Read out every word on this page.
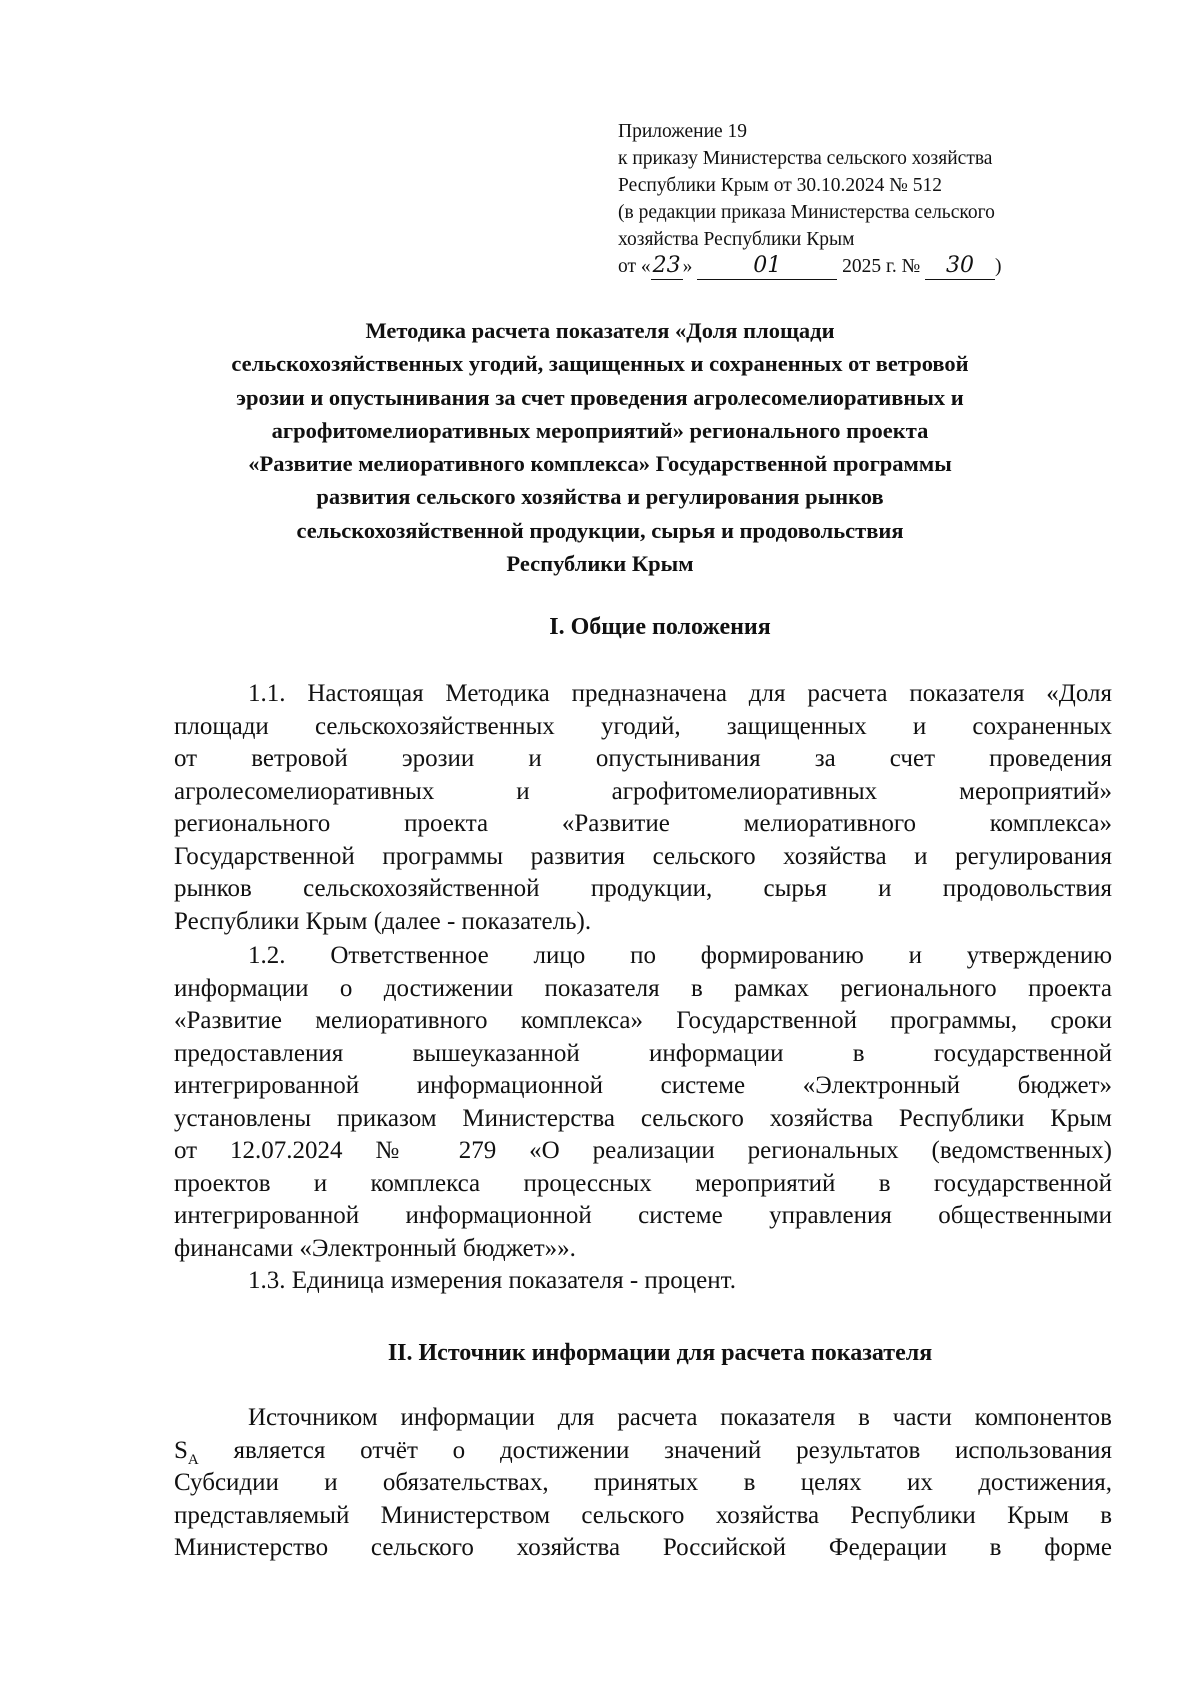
Приложение 19
к приказу Министерства сельского хозяйства
Республики Крым от 30.10.2024 № 512
(в редакции приказа Министерства сельского
хозяйства Республики Крым
от «23 »	01	2025 г. № 30 )
Методика расчета показателя «Доля площади
сельскохозяйственных угодий, защищенных и сохраненных от ветровой
эрозии и опустынивания за счет проведения агролесомелиоративных и
агрофитомелиоративных мероприятий» регионального проекта
«Развитие мелиоративного комплекса» Государственной программы
развития сельского хозяйства и регулирования рынков
сельскохозяйственной продукции, сырья и продовольствия
Республики Крым
I. Общие положения
1.1. Настоящая Методика предназначена для расчета показателя «Доля
площади сельскохозяйственных угодий, защищенных и сохраненных
от ветровой эрозии и опустынивания за счет проведения
агролесомелиоративных и агрофитомелиоративных мероприятий»
регионального проекта «Развитие мелиоративного комплекса»
Государственной программы развития сельского хозяйства и регулирования
рынков сельскохозяйственной продукции, сырья и продовольствия
Республики Крым (далее - показатель).
1.2. Ответственное лицо по формированию и утверждению
информации о достижении показателя в рамках регионального проекта
«Развитие мелиоративного комплекса» Государственной программы, сроки
предоставления вышеуказанной информации в государственной
интегрированной информационной системе «Электронный бюджет»
установлены приказом Министерства сельского хозяйства Республики Крым
от 12.07.2024 № 279 «О реализации региональных (ведомственных)
проектов и комплекса процессных мероприятий в государственной
интегрированной информационной системе управления общественными
финансами «Электронный бюджет»».
1.3. Единица измерения показателя - процент.
II. Источник информации для расчета показателя
Источником информации для расчета показателя в части компонентов
$S_A$ является отчёт о достижении значений результатов использования
Субсидии и обязательствах, принятых в целях их достижения,
представляемый Министерством сельского хозяйства Республики Крым в
Министерство сельского хозяйства Российской Федерации в форме
